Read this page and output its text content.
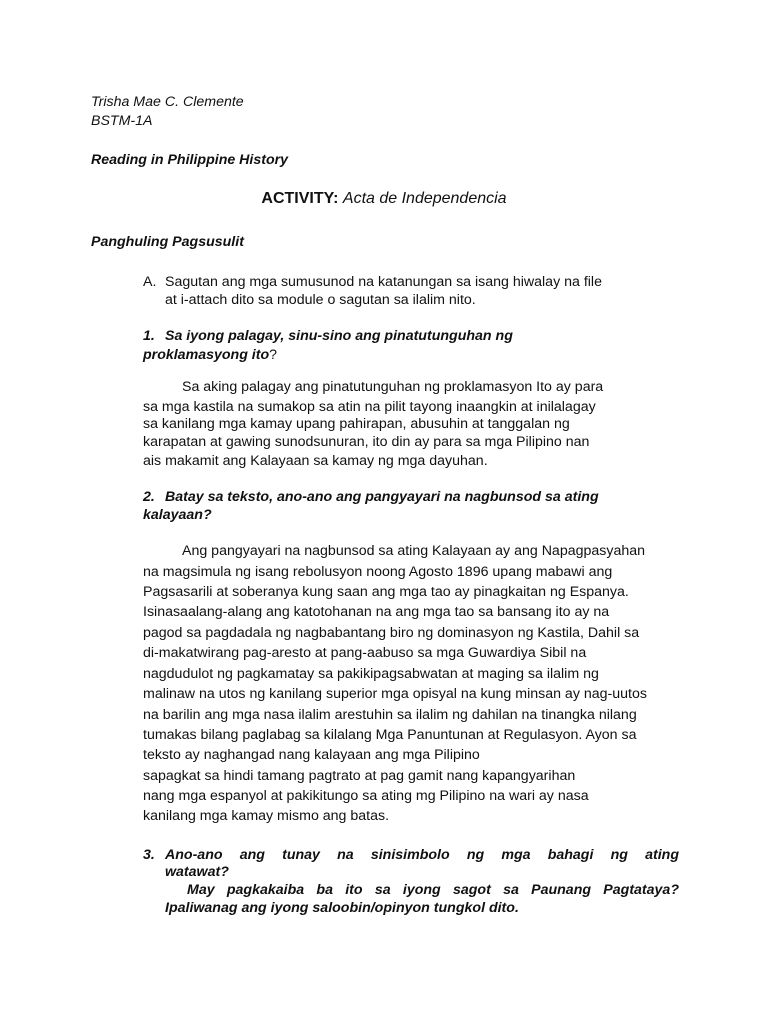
Trisha Mae C. Clemente
BSTM-1A
Reading in Philippine History
ACTIVITY: Acta de Independencia
Panghuling Pagsusulit
A. Sagutan ang mga sumusunod na katanungan sa isang hiwalay na file
at i-attach dito sa module o sagutan sa ilalim nito.
1. Sa iyong palagay, sinu-sino ang pinatutunguhan ng
proklamasyong ito?
Sa aking palagay ang pinatutunguhan ng proklamasyon Ito ay para
sa mga kastila na sumakop sa atin na pilit tayong inaangkin at inilalagay
sa kanilang mga kamay upang pahirapan, abusuhin at tanggalan ng
karapatan at gawing sunodsunuran, ito din ay para sa mga Pilipino nan
ais makamit ang Kalayaan sa kamay ng mga dayuhan.
2. Batay sa teksto, ano-ano ang pangyayari na nagbunsod sa ating
kalayaan?
Ang pangyayari na nagbunsod sa ating Kalayaan ay ang Napagpasyahan
na magsimula ng isang rebolusyon noong Agosto 1896 upang mabawi ang
Pagsasarili at soberanya kung saan ang mga tao ay pinagkaitan ng Espanya.
Isinasaalang-alang ang katotohanan na ang mga tao sa bansang ito ay na
pagod sa pagdadala ng nagbabantang biro ng dominasyon ng Kastila, Dahil sa
di-makatwirang pag-aresto at pang-aabuso sa mga Guwardiya Sibil na
nagdudulot ng pagkamatay sa pakikipagsabwatan at maging sa ilalim ng
malinaw na utos ng kanilang superior mga opisyal na kung minsan ay nag-uutos
na barilin ang mga nasa ilalim arestuhin sa ilalim ng dahilan na tinangka nilang
tumakas bilang paglabag sa kilalang Mga Panuntunan at Regulasyon. Ayon sa
teksto ay naghangad nang kalayaan ang mga Pilipino
sapagkat sa hindi tamang pagtrato at pag gamit nang kapangyarihan
nang mga espanyol at pakikitungo sa ating mg Pilipino na wari ay nasa
kanilang mga kamay mismo ang batas.
3. Ano-ano ang tunay na sinisimbolo ng mga bahagi ng ating
watawat?
May pagkakaiba ba ito sa iyong sagot sa Paunang Pagtataya?
Ipaliwanag ang iyong saloobin/opinyon tungkol dito.
